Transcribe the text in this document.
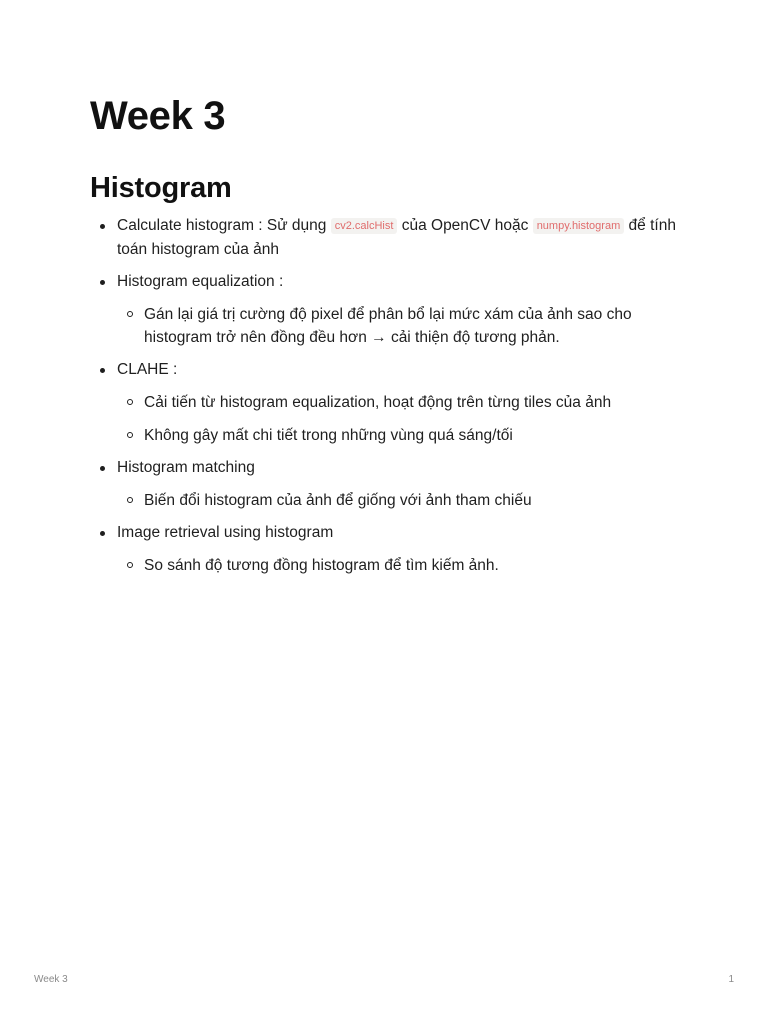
Week 3
Histogram
Calculate histogram : Sử dụng cv2.calcHist của OpenCV hoặc numpy.histogram để tính toán histogram của ảnh
Histogram equalization :
Gán lại giá trị cường độ pixel để phân bổ lại mức xám của ảnh sao cho histogram trở nên đồng đều hơn → cải thiện độ tương phản.
CLAHE :
Cải tiến từ histogram equalization, hoạt động trên từng tiles của ảnh
Không gây mất chi tiết trong những vùng quá sáng/tối
Histogram matching
Biến đổi histogram của ảnh để giống với ảnh tham chiếu
Image retrieval using histogram
So sánh độ tương đồng histogram để tìm kiếm ảnh.
Week 3	1
